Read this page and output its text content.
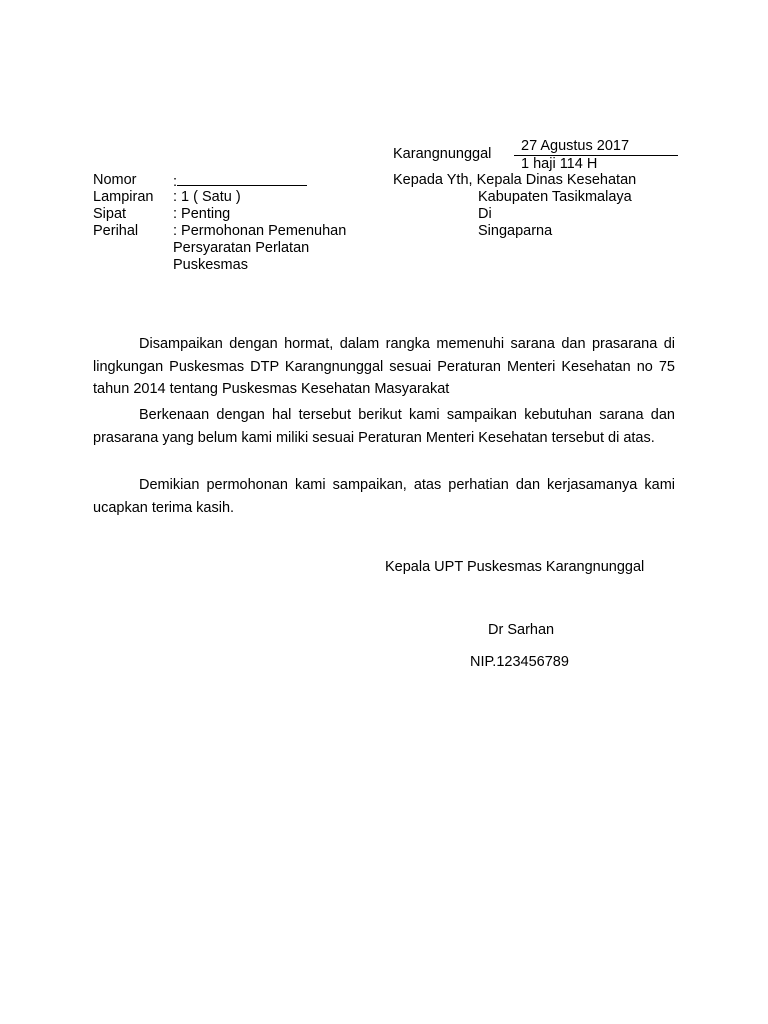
Karangnunggal 27 Agustus 2017
1 haji 114 H
Nomor	:
Lampiran : 1 ( Satu )
Sipat	: Penting
Perihal : Permohonan Pemenuhan
Persyaratan Perlatan
Puskesmas
Kepada Yth, Kepala Dinas Kesehatan
Kabupaten Tasikmalaya
Di
Singaparna

Disampaikan dengan hormat, dalam rangka memenuhi sarana dan prasarana di lingkungan Puskesmas DTP Karangnunggal sesuai Peraturan Menteri Kesehatan no 75 tahun 2014 tentang Puskesmas Kesehatan Masyarakat

Berkenaan dengan hal tersebut berikut kami sampaikan kebutuhan sarana dan prasarana yang belum kami miliki sesuai Peraturan Menteri Kesehatan tersebut di atas.

Demikian permohonan kami sampaikan, atas perhatian dan kerjasamanya kami ucapkan terima kasih.

Kepala UPT Puskesmas Karangnunggal
Dr Sarhan
NIP.123456789
